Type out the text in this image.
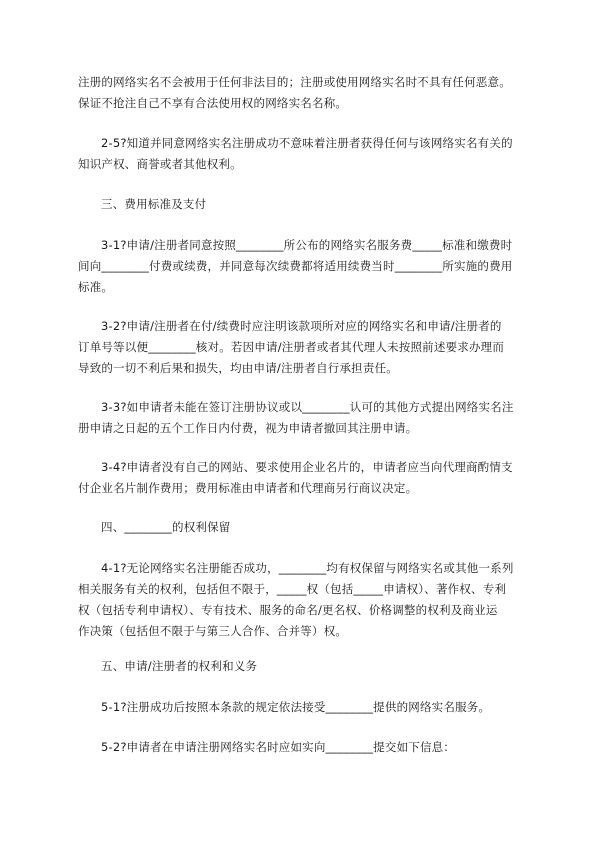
注册的网络实名不会被用于任何非法目的；注册或使用网络实名时不具有任何恶意。
保证不抢注自己不享有合法使用权的网络实名名称。
2-5?知道并同意网络实名注册成功不意味着注册者获得任何与该网络实名有关的
知识产权、商誉或者其他权利。
三、费用标准及支付
3-1?申请/注册者同意按照________所公布的网络实名服务费_____标准和缴费时
间向________付费或续费，并同意每次续费都将适用续费当时________所实施的费用
标准。
3-2?申请/注册者在付/续费时应注明该款项所对应的网络实名和申请/注册者的
订单号等以便________核对。若因申请/注册者或者其代理人未按照前述要求办理而
导致的一切不利后果和损失，均由申请/注册者自行承担责任。
3-3?如申请者未能在签订注册协议或以________认可的其他方式提出网络实名注
册申请之日起的五个工作日内付费，视为申请者撤回其注册申请。
3-4?申请者没有自己的网站、要求使用企业名片的，申请者应当向代理商酌情支
付企业名片制作费用；费用标准由申请者和代理商另行商议决定。
四、________的权利保留
4-1?无论网络实名注册能否成功，________均有权保留与网络实名或其他一系列
相关服务有关的权利，包括但不限于，_____权（包括_____申请权）、著作权、专利
权（包括专利申请权）、专有技术、服务的命名/更名权、价格调整的权利及商业运
作决策（包括但不限于与第三人合作、合并等）权。
五、申请/注册者的权利和义务
5-1?注册成功后按照本条款的规定依法接受________提供的网络实名服务。
5-2?申请者在申请注册网络实名时应如实向________提交如下信息：
